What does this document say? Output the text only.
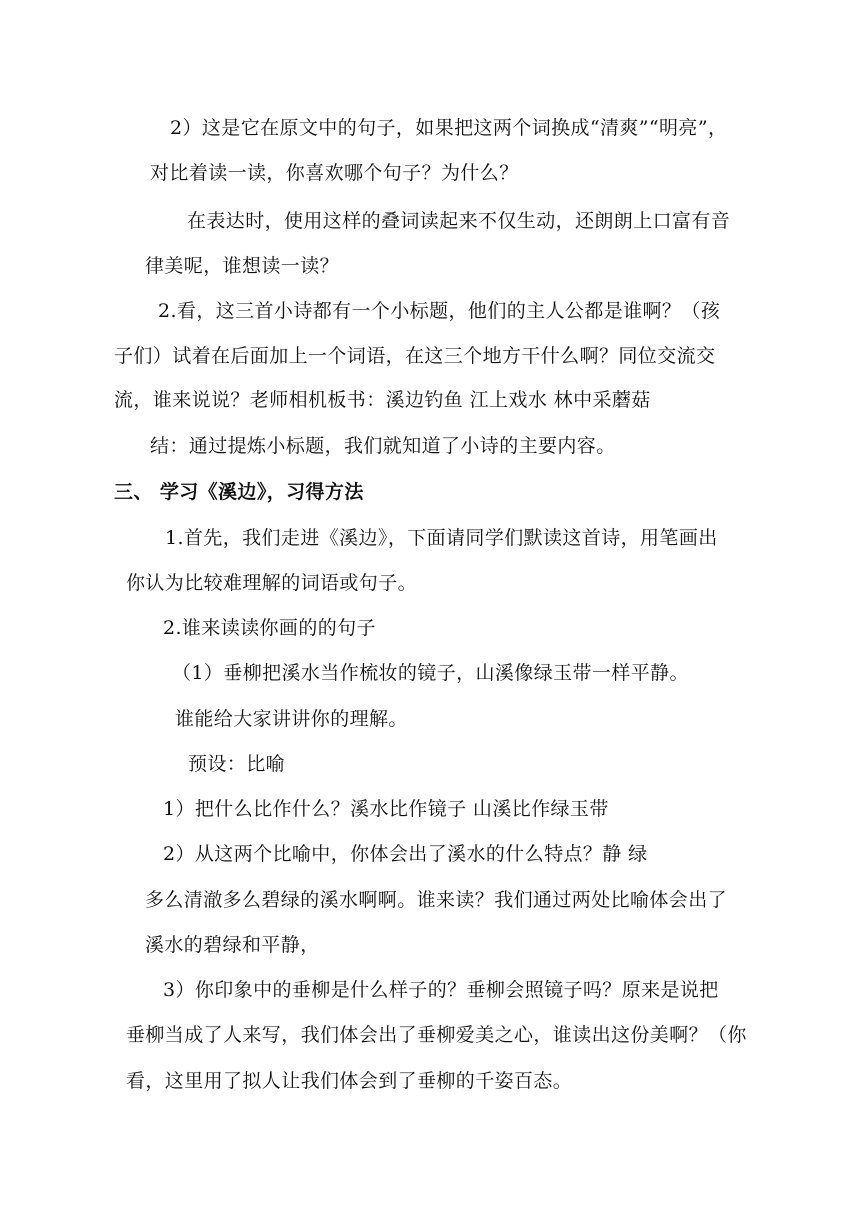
2）这是它在原文中的句子，如果把这两个词换成“清爽”“明亮”，
对比着读一读，你喜欢哪个句子？为什么？
在表达时，使用这样的叠词读起来不仅生动，还朗朗上口富有音
律美呢，谁想读一读？
2.看，这三首小诗都有一个小标题，他们的主人公都是谁啊？（孩
子们）试着在后面加上一个词语，在这三个地方干什么啊？同位交流交
流，谁来说说？老师相机板书：溪边钓鱼 江上戏水 林中采蘑菇
结：通过提炼小标题，我们就知道了小诗的主要内容。
三、 学习《溪边》，习得方法
1.首先，我们走进《溪边》，下面请同学们默读这首诗，用笔画出
你认为比较难理解的词语或句子。
2.谁来读读你画的的句子
（1）垂柳把溪水当作梳妆的镜子，山溪像绿玉带一样平静。
谁能给大家讲讲你的理解。
预设：比喻
1）把什么比作什么？溪水比作镜子 山溪比作绿玉带
2）从这两个比喻中，你体会出了溪水的什么特点？静 绿
多么清澈多么碧绿的溪水啊啊。谁来读？我们通过两处比喻体会出了
溪水的碧绿和平静，
3）你印象中的垂柳是什么样子的？垂柳会照镜子吗？原来是说把
垂柳当成了人来写，我们体会出了垂柳爱美之心，谁读出这份美啊？（你
看，这里用了拟人让我们体会到了垂柳的千姿百态。
